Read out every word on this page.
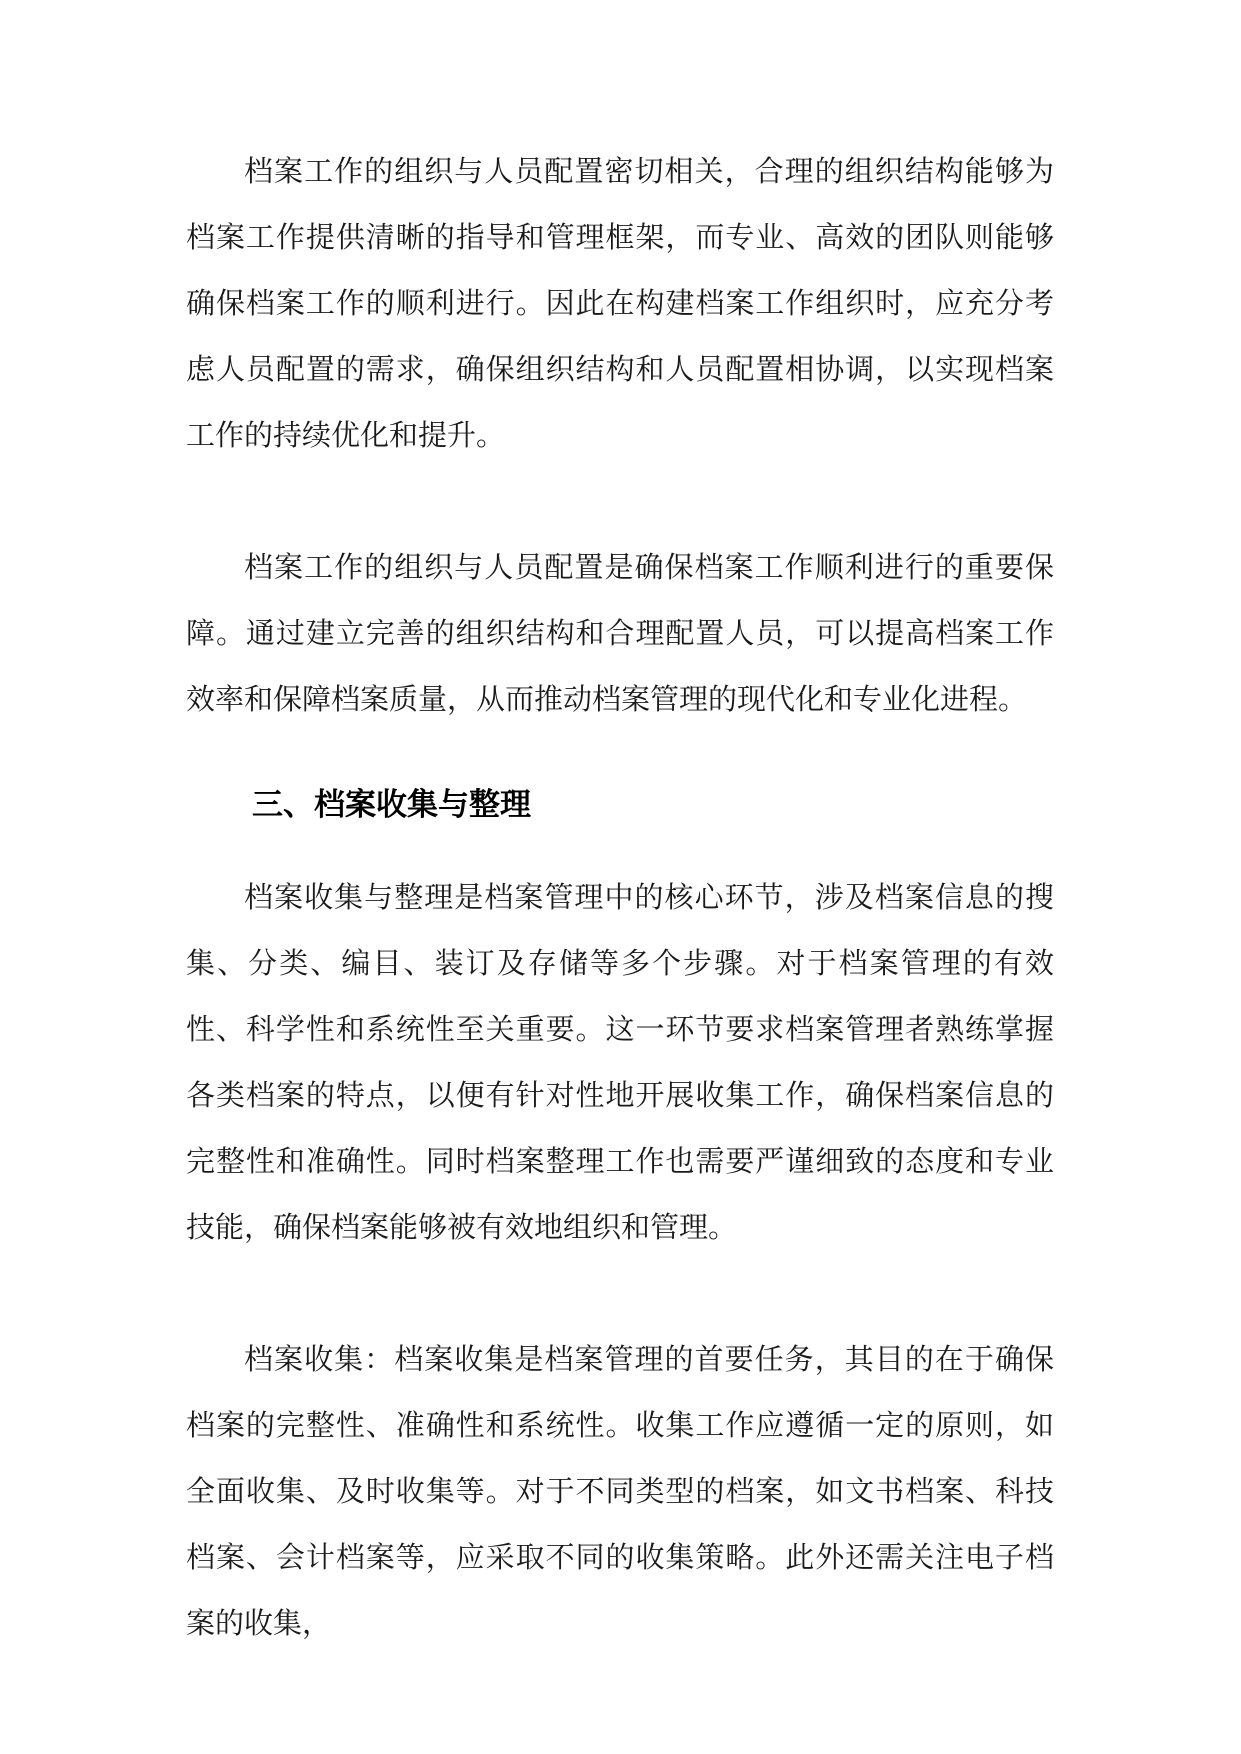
档案工作的组织与人员配置密切相关，合理的组织结构能够为档案工作提供清晰的指导和管理框架，而专业、高效的团队则能够确保档案工作的顺利进行。因此在构建档案工作组织时，应充分考虑人员配置的需求，确保组织结构和人员配置相协调，以实现档案工作的持续优化和提升。

档案工作的组织与人员配置是确保档案工作顺利进行的重要保障。通过建立完善的组织结构和合理配置人员，可以提高档案工作效率和保障档案质量，从而推动档案管理的现代化和专业化进程。

三、档案收集与整理

档案收集与整理是档案管理中的核心环节，涉及档案信息的搜集、分类、编目、装订及存储等多个步骤。对于档案管理的有效性、科学性和系统性至关重要。这一环节要求档案管理者熟练掌握各类档案的特点，以便有针对性地开展收集工作，确保档案信息的完整性和准确性。同时档案整理工作也需要严谨细致的态度和专业技能，确保档案能够被有效地组织和管理。

档案收集：档案收集是档案管理的首要任务，其目的在于确保档案的完整性、准确性和系统性。收集工作应遵循一定的原则，如全面收集、及时收集等。对于不同类型的档案，如文书档案、科技档案、会计档案等，应采取不同的收集策略。此外还需关注电子档案的收集，
